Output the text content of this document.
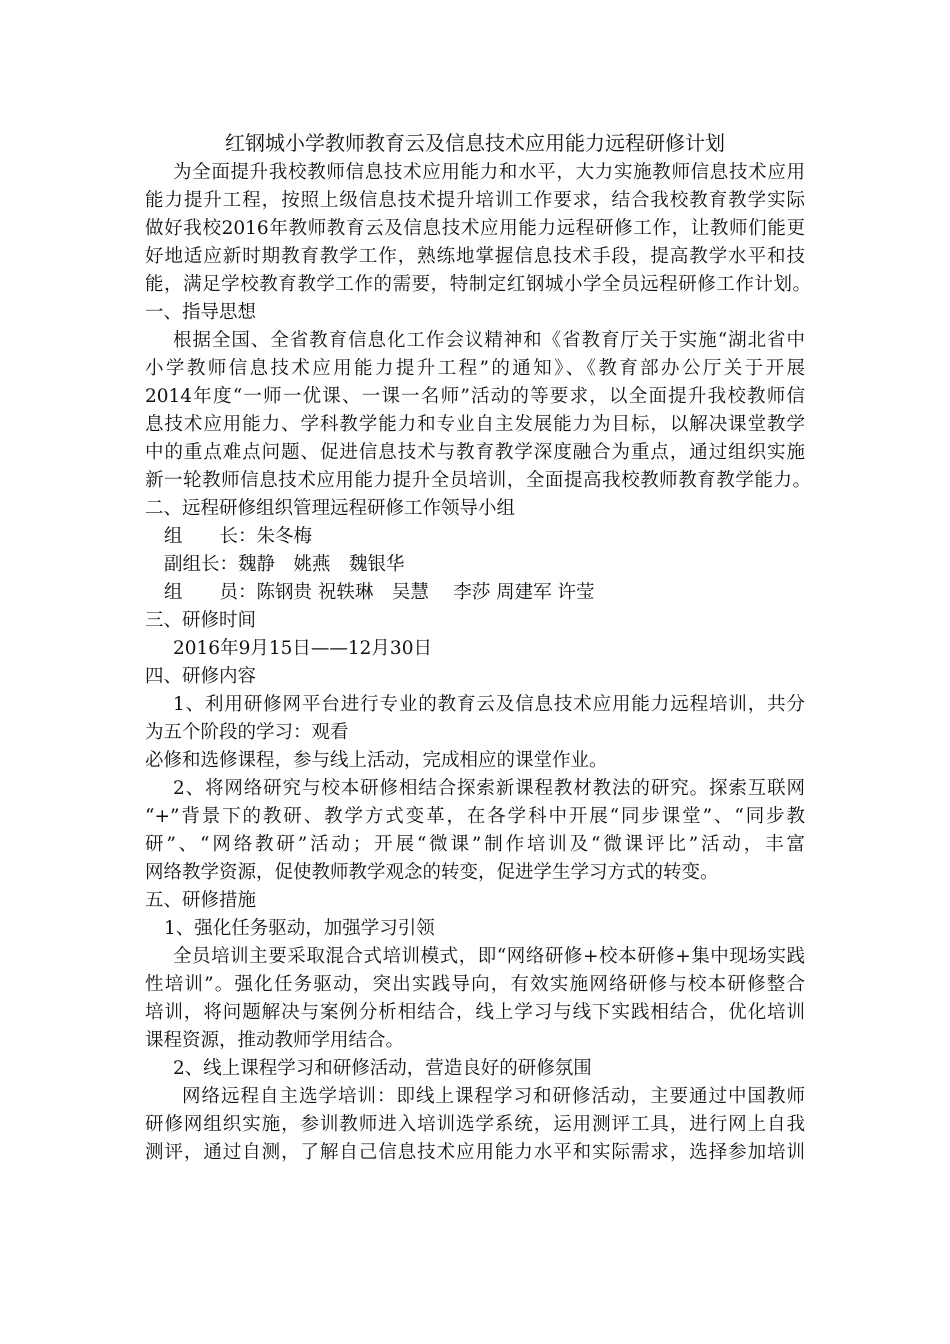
红钢城小学教师教育云及信息技术应用能力远程研修计划
为全面提升我校教师信息技术应用能力和水平，大力实施教师信息技术应用
能力提升工程，按照上级信息技术提升培训工作要求，结合我校教育教学实际
做好我校2016年教师教育云及信息技术应用能力远程研修工作，让教师们能更
好地适应新时期教育教学工作，熟练地掌握信息技术手段，提高教学水平和技
能，满足学校教育教学工作的需要，特制定红钢城小学全员远程研修工作计划。
一、指导思想
根据全国、全省教育信息化工作会议精神和《省教育厅关于实施“湖北省中
小学教师信息技术应用能力提升工程”的通知》、《教育部办公厅关于开展
2014年度“一师一优课、一课一名师”活动的等要求，以全面提升我校教师信
息技术应用能力、学科教学能力和专业自主发展能力为目标，以解决课堂教学
中的重点难点问题、促进信息技术与教育教学深度融合为重点，通过组织实施
新一轮教师信息技术应用能力提升全员培训，全面提高我校教师教育教学能力。
二、远程研修组织管理远程研修工作领导小组
组　　长：朱冬梅
副组长：魏静　姚燕　魏银华
组　　员：陈钢贵 祝轶琳　吴慧　 李莎 周建军 许莹
三、研修时间
2016年9月15日——12月30日
四、研修内容
1、利用研修网平台进行专业的教育云及信息技术应用能力远程培训，共分
为五个阶段的学习：观看
必修和选修课程，参与线上活动，完成相应的课堂作业。
2、将网络研究与校本研修相结合探索新课程教材教法的研究。探索互联网
“+”背景下的教研、教学方式变革，在各学科中开展“同步课堂”、“同步教
研”、“网络教研”活动；开展“微课”制作培训及“微课评比”活动，丰富
网络教学资源，促使教师教学观念的转变，促进学生学习方式的转变。
五、研修措施
1、强化任务驱动，加强学习引领
全员培训主要采取混合式培训模式，即“网络研修+校本研修+集中现场实践
性培训”。强化任务驱动，突出实践导向，有效实施网络研修与校本研修整合
培训，将问题解决与案例分析相结合，线上学习与线下实践相结合，优化培训
课程资源，推动教师学用结合。
2、线上课程学习和研修活动，营造良好的研修氛围
网络远程自主选学培训：即线上课程学习和研修活动，主要通过中国教师
研修网组织实施，参训教师进入培训选学系统，运用测评工具，进行网上自我
测评，通过自测，了解自己信息技术应用能力水平和实际需求，选择参加培训
